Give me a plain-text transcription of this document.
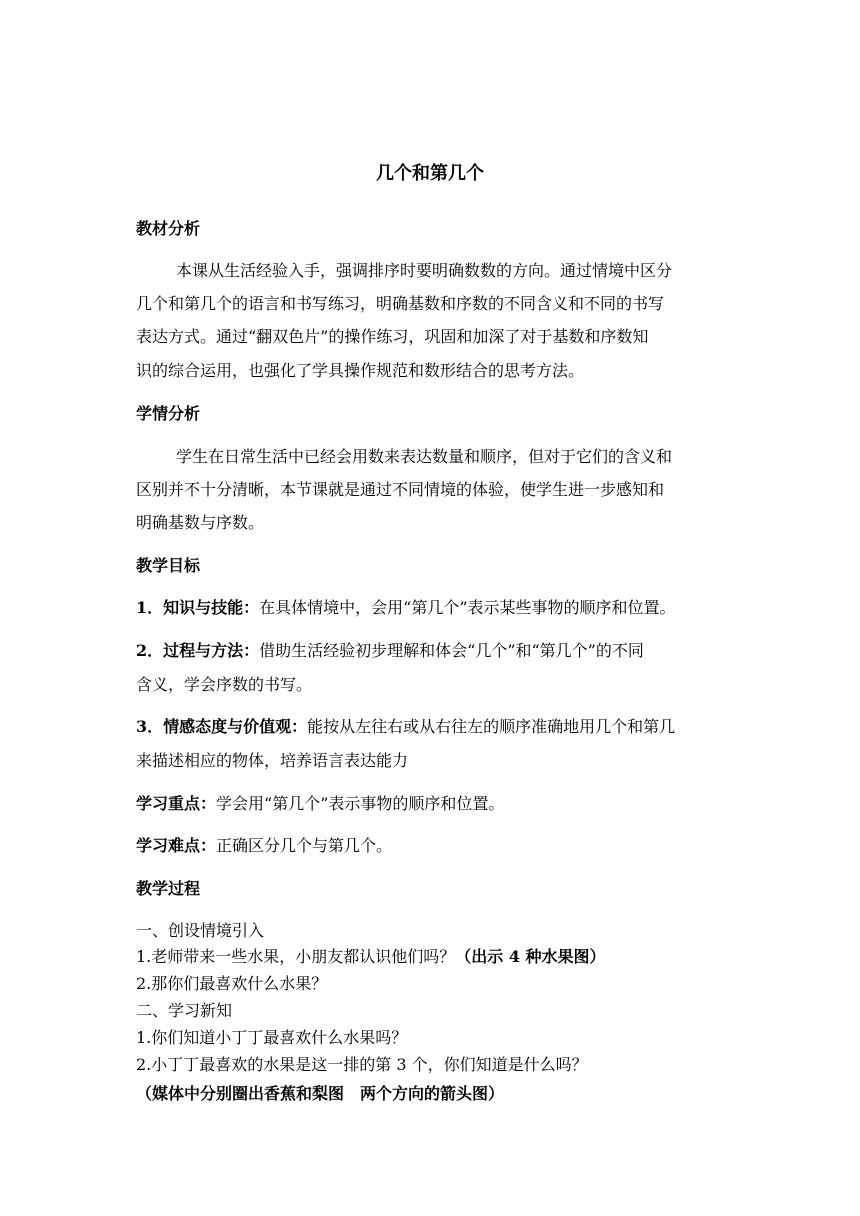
几个和第几个
教材分析
本课从生活经验入手，强调排序时要明确数数的方向。通过情境中区分
几个和第几个的语言和书写练习，明确基数和序数的不同含义和不同的书写
表达方式。通过“翻双色片”的操作练习，巩固和加深了对于基数和序数知
识的综合运用，也强化了学具操作规范和数形结合的思考方法。
学情分析
学生在日常生活中已经会用数来表达数量和顺序，但对于它们的含义和
区别并不十分清晰，本节课就是通过不同情境的体验，使学生进一步感知和
明确基数与序数。
教学目标
1．知识与技能：在具体情境中，会用“第几个”表示某些事物的顺序和位置。
2．过程与方法：借助生活经验初步理解和体会“几个”和“第几个”的不同
含义，学会序数的书写。
3．情感态度与价值观：能按从左往右或从右往左的顺序准确地用几个和第几
来描述相应的物体，培养语言表达能力
学习重点：学会用“第几个”表示事物的顺序和位置。
学习难点：正确区分几个与第几个。
教学过程
一、创设情境引入
1.老师带来一些水果，小朋友都认识他们吗？（出示 4 种水果图）
2.那你们最喜欢什么水果？
二、学习新知
1.你们知道小丁丁最喜欢什么水果吗？
2.小丁丁最喜欢的水果是这一排的第 3 个，你们知道是什么吗？
（媒体中分别圈出香蕉和梨图　两个方向的箭头图）
